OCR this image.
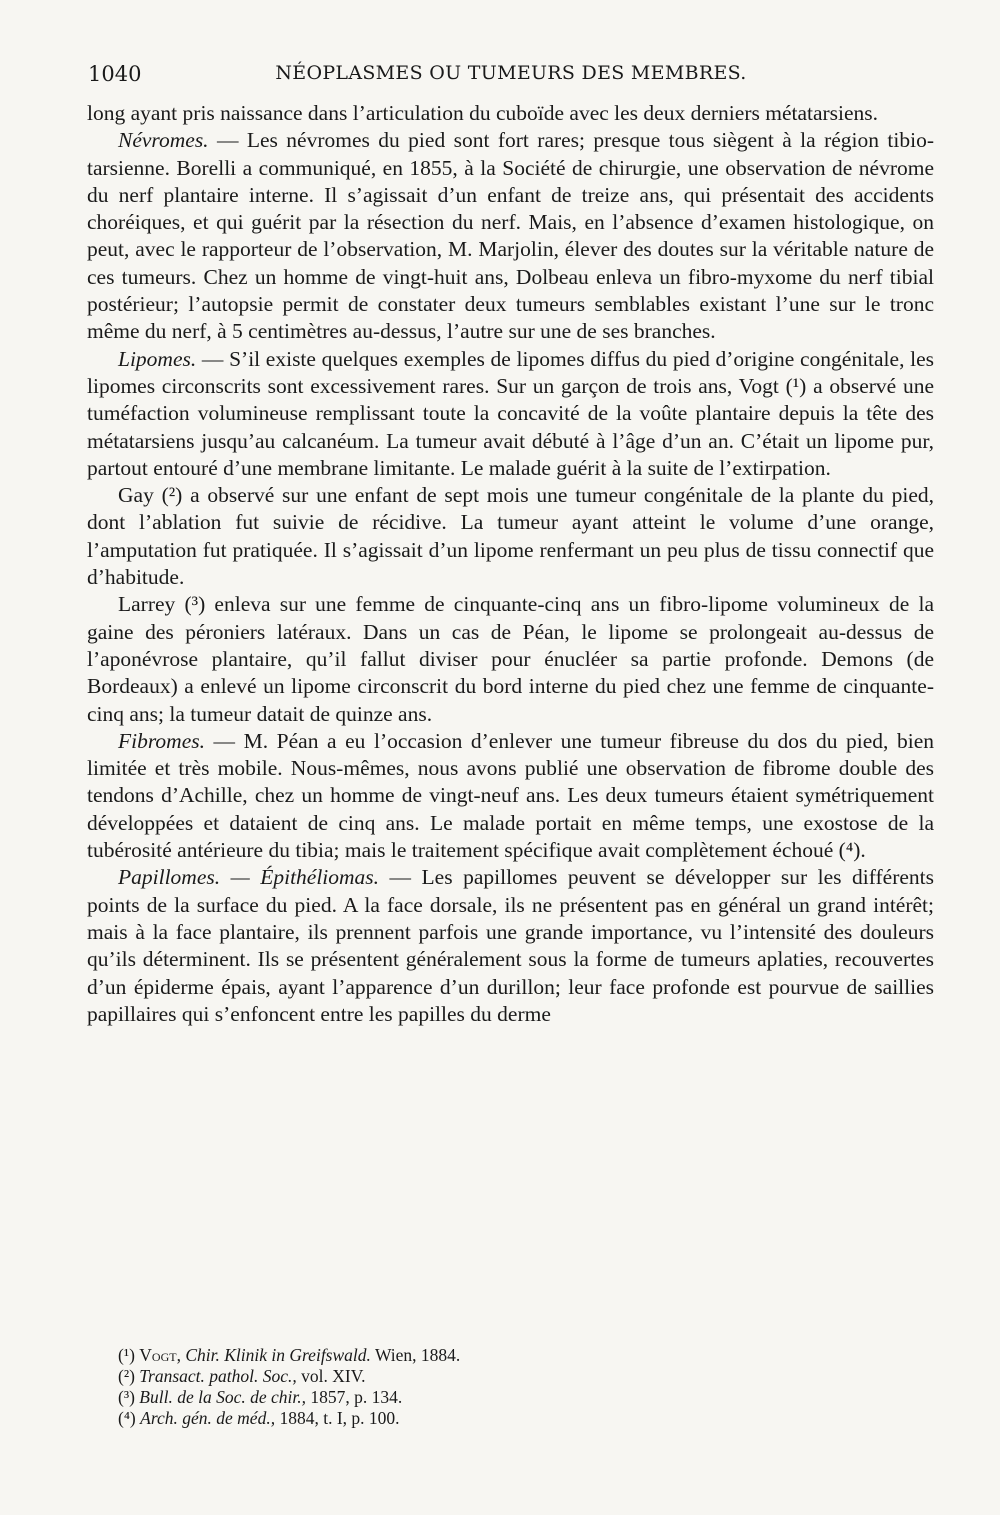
1040	NÉOPLASMES OU TUMEURS DES MEMBRES.

long ayant pris naissance dans l’articulation du cuboïde avec les deux derniers métatarsiens.

Névromes. — Les névromes du pied sont fort rares; presque tous siègent à la région tibio-tarsienne. Borelli a communiqué, en 1855, à la Société de chirurgie, une observation de névrome du nerf plantaire interne. Il s’agissait d’un enfant de treize ans, qui présentait des accidents choréiques, et qui guérit par la résection du nerf. Mais, en l’absence d’examen histologique, on peut, avec le rapporteur de l’observation, M. Marjolin, élever des doutes sur la véritable nature de ces tumeurs. Chez un homme de vingt-huit ans, Dolbeau enleva un fibro-myxome du nerf tibial postérieur; l’autopsie permit de constater deux tumeurs semblables existant l’une sur le tronc même du nerf, à 5 centimètres au-dessus, l’autre sur une de ses branches.

Lipomes. — S’il existe quelques exemples de lipomes diffus du pied d’origine congénitale, les lipomes circonscrits sont excessivement rares. Sur un garçon de trois ans, Vogt (¹) a observé une tuméfaction volumineuse remplissant toute la concavité de la voûte plantaire depuis la tête des métatarsiens jusqu’au calcanéum. La tumeur avait débuté à l’âge d’un an. C’était un lipome pur, partout entouré d’une membrane limitante. Le malade guérit à la suite de l’extirpation.

Gay (²) a observé sur une enfant de sept mois une tumeur congénitale de la plante du pied, dont l’ablation fut suivie de récidive. La tumeur ayant atteint le volume d’une orange, l’amputation fut pratiquée. Il s’agissait d’un lipome renfermant un peu plus de tissu connectif que d’habitude.

Larrey (³) enleva sur une femme de cinquante-cinq ans un fibro-lipome volumineux de la gaine des péroniers latéraux. Dans un cas de Péan, le lipome se prolongeait au-dessus de l’aponévrose plantaire, qu’il fallut diviser pour énucléer sa partie profonde. Demons (de Bordeaux) a enlevé un lipome circonscrit du bord interne du pied chez une femme de cinquante-cinq ans; la tumeur datait de quinze ans.

Fibromes. — M. Péan a eu l’occasion d’enlever une tumeur fibreuse du dos du pied, bien limitée et très mobile. Nous-mêmes, nous avons publié une observation de fibrome double des tendons d’Achille, chez un homme de vingt-neuf ans. Les deux tumeurs étaient symétriquement développées et dataient de cinq ans. Le malade portait en même temps, une exostose de la tubérosité antérieure du tibia; mais le traitement spécifique avait complètement échoué (⁴).

Papillomes. — Épithéliomas. — Les papillomes peuvent se développer sur les différents points de la surface du pied. A la face dorsale, ils ne présentent pas en général un grand intérêt; mais à la face plantaire, ils prennent parfois une grande importance, vu l’intensité des douleurs qu’ils déterminent. Ils se présentent généralement sous la forme de tumeurs aplaties, recouvertes d’un épiderme épais, ayant l’apparence d’un durillon; leur face profonde est pourvue de saillies papillaires qui s’enfoncent entre les papilles du derme

(¹) Vogt, Chir. Klinik in Greifswald. Wien, 1884.

(²) Transact. pathol. Soc., vol. XIV.

(³) Bull. de la Soc. de chir., 1857, p. 134.

(⁴) Arch. gén. de méd., 1884, t. I, p. 100.
